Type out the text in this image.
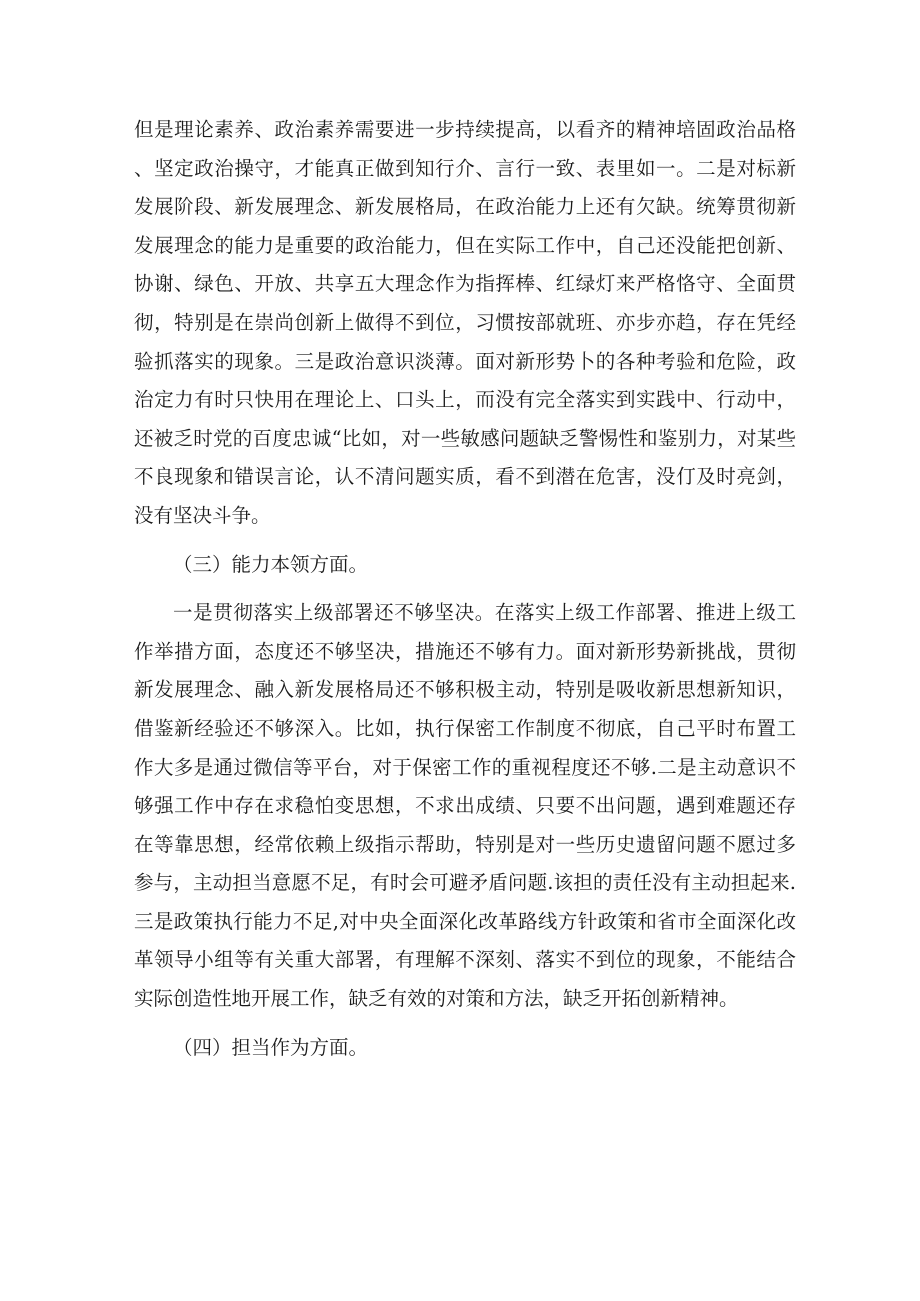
但是理论素养、政治素养需要进一步持续提高，以看齐的精神培固政治品格、坚定政治操守，才能真正做到知行介、言行一致、表里如一。二是对标新发展阶段、新发展理念、新发展格局，在政治能力上还有欠缺。统筹贯彻新发展理念的能力是重要的政治能力，但在实际工作中，自己还没能把创新、协谢、绿色、开放、共享五大理念作为指挥棒、红绿灯来严格恪守、全面贯彻，特别是在崇尚创新上做得不到位，习惯按部就班、亦步亦趋，存在凭经验抓落实的现象。三是政治意识淡薄。面对新形势卜的各种考验和危险，政治定力有时只快用在理论上、口头上，而没有完全落实到实践中、行动中，还被乏时党的百度忠诚“比如，对一些敏感问题缺乏警惕性和鉴别力，对某些不良现象和错误言论，认不清问题实质，看不到潜在危害，没仃及时亮剑，没有坚决斗争。

（三）能力本领方面。

一是贯彻落实上级部署还不够坚决。在落实上级工作部署、推进上级工作举措方面，态度还不够坚决，措施还不够有力。面对新形势新挑战，贯彻新发展理念、融入新发展格局还不够积极主动，特别是吸收新思想新知识，借鉴新经验还不够深入。比如，执行保密工作制度不彻底，自己平时布置工作大多是通过微信等平台，对于保密工作的重视程度还不够.二是主动意识不够强工作中存在求稳怕变思想，不求出成绩、只要不出问题，遇到难题还存在等靠思想，经常依赖上级指示帮助，特别是对一些历史遗留问题不愿过多参与，主动担当意愿不足，有时会可避矛盾问题.该担的责任没有主动担起来.三是政策执行能力不足,对中央全面深化改革路线方针政策和省市全面深化改革领导小组等有关重大部署，有理解不深刻、落实不到位的现象，不能结合实际创造性地开展工作，缺乏有效的对策和方法，缺乏开拓创新精神。

（四）担当作为方面。
